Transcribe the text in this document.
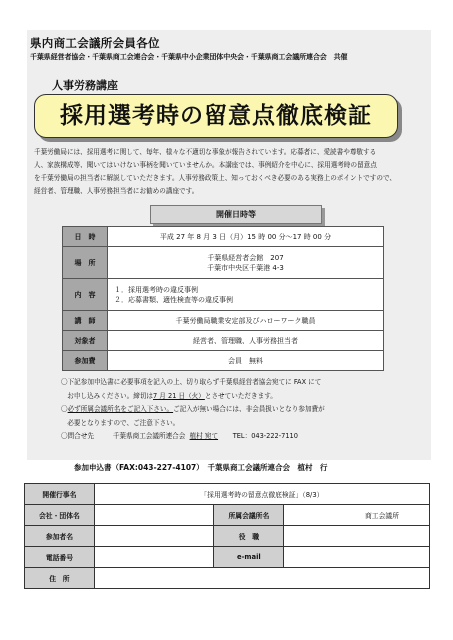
県内商工会議所会員各位
千葉県経営者協会・千葉県商工会連合会・千葉県中小企業団体中央会・千葉県商工会議所連合会　共催
人事労務講座
採用選考時の留意点徹底検証

千葉労働局には、採用選考に関して、毎年、様々な不適切な事象が報告されています。応募者に、愛読書や尊敬する

人、家族構成等、聞いてはいけない事柄を聞いていませんか。本講座では、事例紹介を中心に、採用選考時の留意点

を千葉労働局の担当者に解説していただきます。人事労務政策上、知っておくべき必要のある実務上のポイントですので、

経営者、管理職、人事労務担当者にお勧めの講座です。

開催日時等
日　時	平成 27 年 8 月 3 日（月）15 時 00 分～17 時 00 分
場　所	千葉県経営者会館　207
千葉市中央区千葉港 4-3

内　容	１．採用選考時の違反事例
２．応募書類、適性検査等の違反事例

講　師	千葉労働局職業安定部及びハローワーク職員
対象者	経営者、管理職、人事労務担当者
参加費	会員　無料

〇下記参加申込書に必要事項を記入の上、切り取らず千葉県経営者協会宛てに FAX にて

お申し込みください。締切は7 月 21 日（火）とさせていただきます。

〇必ず所属会議所名をご記入下さい。ご記入が無い場合には、非会員扱いとなり参加費が

必要となりますので、ご注意下さい。

〇問合せ先	千葉県商工会議所連合会 植村 宛て TEL：043-222-7110

参加申込書（FAX:043-227-4107）　千葉県商工会議所連合会　植村　行
開催行事名	「採用選考時の留意点徹底検証」（8/3）		
会社・団体名		所属会議所名	商工会議所
参加者名		役　職	
電話番号		e-mail	
住　所			
